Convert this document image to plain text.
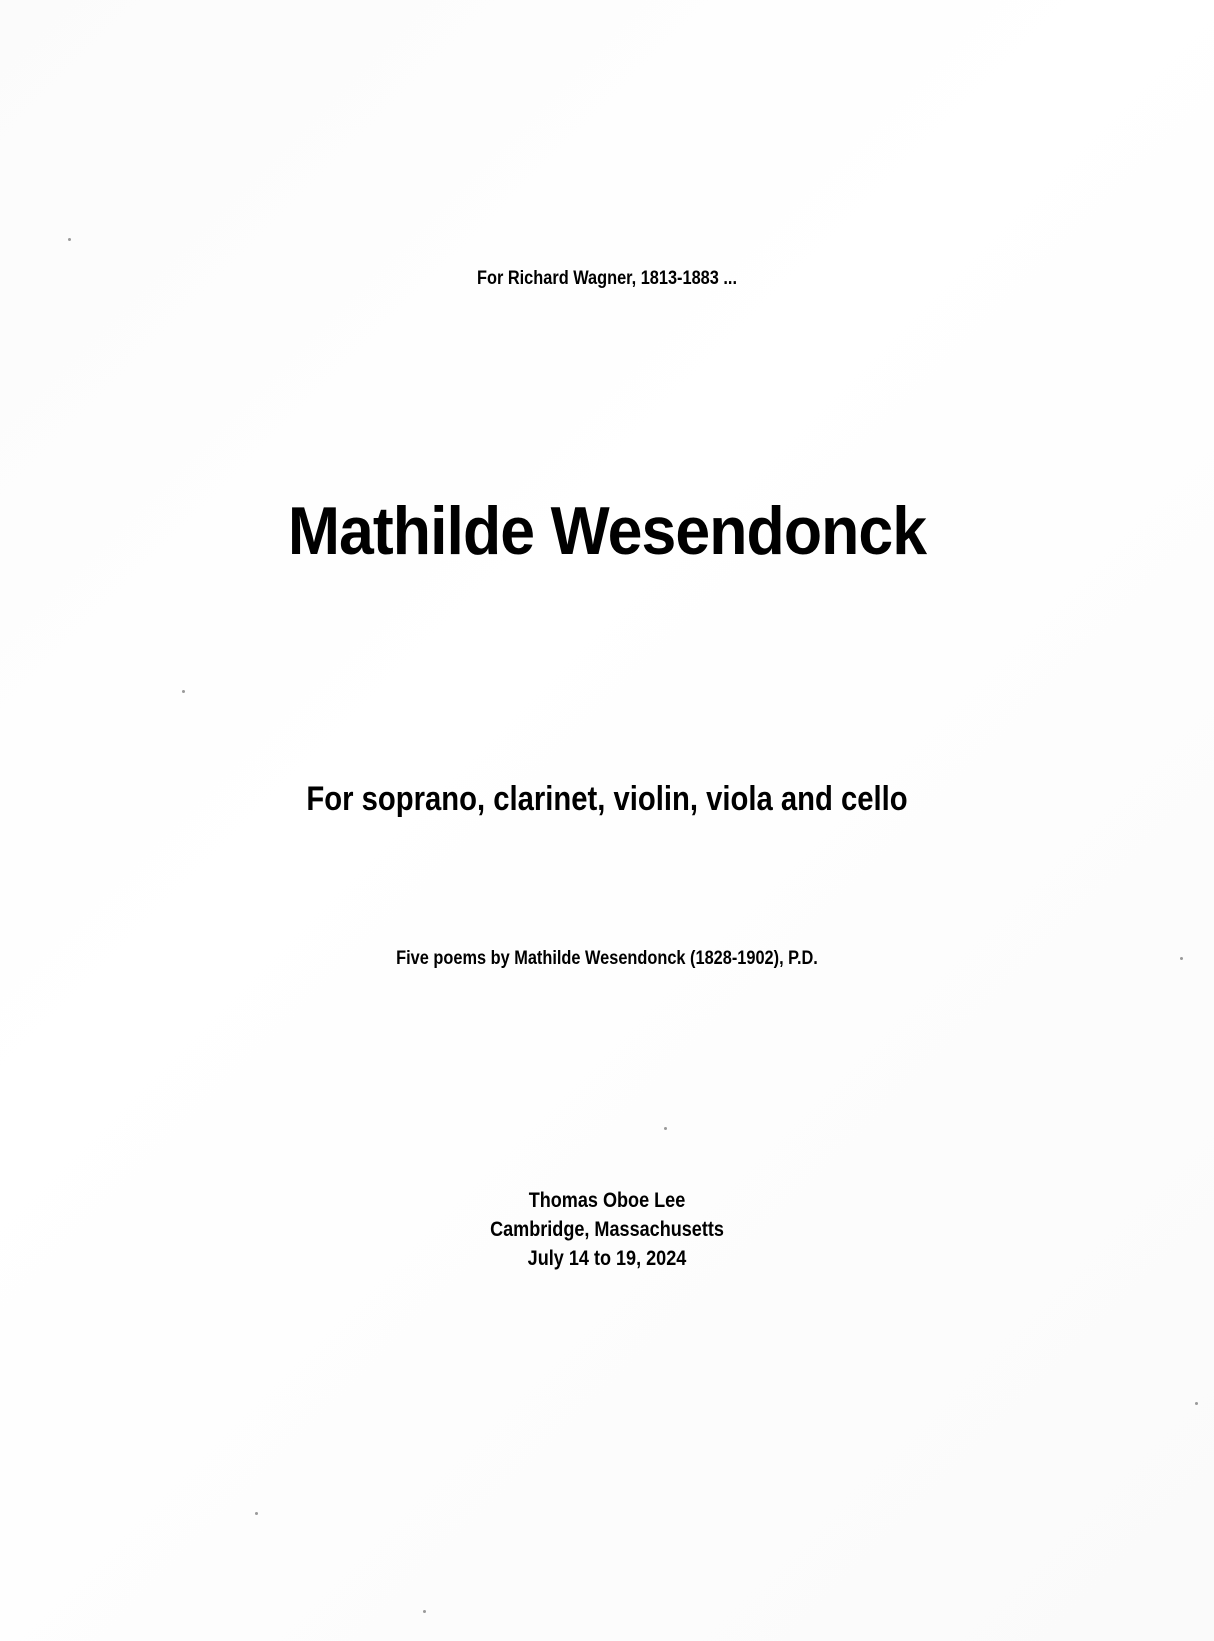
For Richard Wagner, 1813-1883 ...
Mathilde Wesendonck
For soprano, clarinet, violin, viola and cello
Five poems by Mathilde Wesendonck (1828-1902), P.D.
Thomas Oboe Lee
Cambridge, Massachusetts
July 14 to 19, 2024
